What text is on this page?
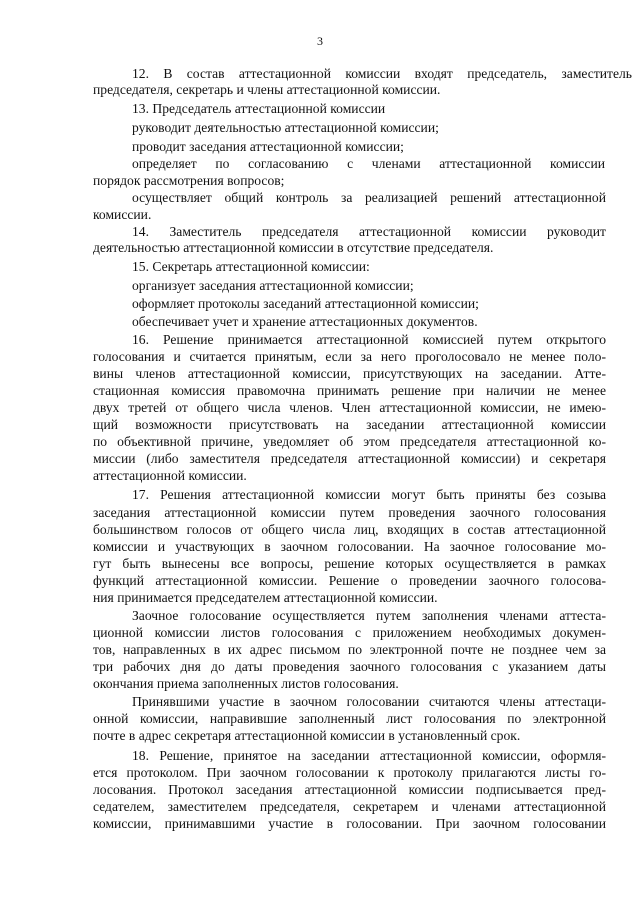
3
12. В состав аттестационной комиссии входят председатель, заместитель
председателя, секретарь и члены аттестационной комиссии.
13. Председатель аттестационной комиссии
руководит деятельностью аттестационной комиссии;
проводит заседания аттестационной комиссии;
определяет по согласованию с членами аттестационной комиссии
порядок рассмотрения вопросов;
осуществляет общий контроль за реализацией решений аттестационной
комиссии.
14. Заместитель председателя аттестационной комиссии руководит
деятельностью аттестационной комиссии в отсутствие председателя.
15. Секретарь аттестационной комиссии:
организует заседания аттестационной комиссии;
оформляет протоколы заседаний аттестационной комиссии;
обеспечивает учет и хранение аттестационных документов.
16. Решение принимается аттестационной комиссией путем открытого
голосования и считается принятым, если за него проголосовало не менее поло-
вины членов аттестационной комиссии, присутствующих на заседании. Атте-
стационная комиссия правомочна принимать решение при наличии не менее
двух третей от общего числа членов. Член аттестационной комиссии, не имею-
щий возможности присутствовать на заседании аттестационной комиссии
по объективной причине, уведомляет об этом председателя аттестационной ко-
миссии (либо заместителя председателя аттестационной комиссии) и секретаря
аттестационной комиссии.
17. Решения аттестационной комиссии могут быть приняты без созыва
заседания аттестационной комиссии путем проведения заочного голосования
большинством голосов от общего числа лиц, входящих в состав аттестационной
комиссии и участвующих в заочном голосовании. На заочное голосование мо-
гут быть вынесены все вопросы, решение которых осуществляется в рамках
функций аттестационной комиссии. Решение о проведении заочного голосова-
ния принимается председателем аттестационной комиссии.
Заочное голосование осуществляется путем заполнения членами аттеста-
ционной комиссии листов голосования с приложением необходимых докумен-
тов, направленных в их адрес письмом по электронной почте не позднее чем за
три рабочих дня до даты проведения заочного голосования с указанием даты
окончания приема заполненных листов голосования.
Принявшими участие в заочном голосовании считаются члены аттестаци-
онной комиссии, направившие заполненный лист голосования по электронной
почте в адрес секретаря аттестационной комиссии в установленный срок.
18. Решение, принятое на заседании аттестационной комиссии, оформля-
ется протоколом. При заочном голосовании к протоколу прилагаются листы го-
лосования. Протокол заседания аттестационной комиссии подписывается пред-
седателем, заместителем председателя, секретарем и членами аттестационной
комиссии, принимавшими участие в голосовании. При заочном голосовании
